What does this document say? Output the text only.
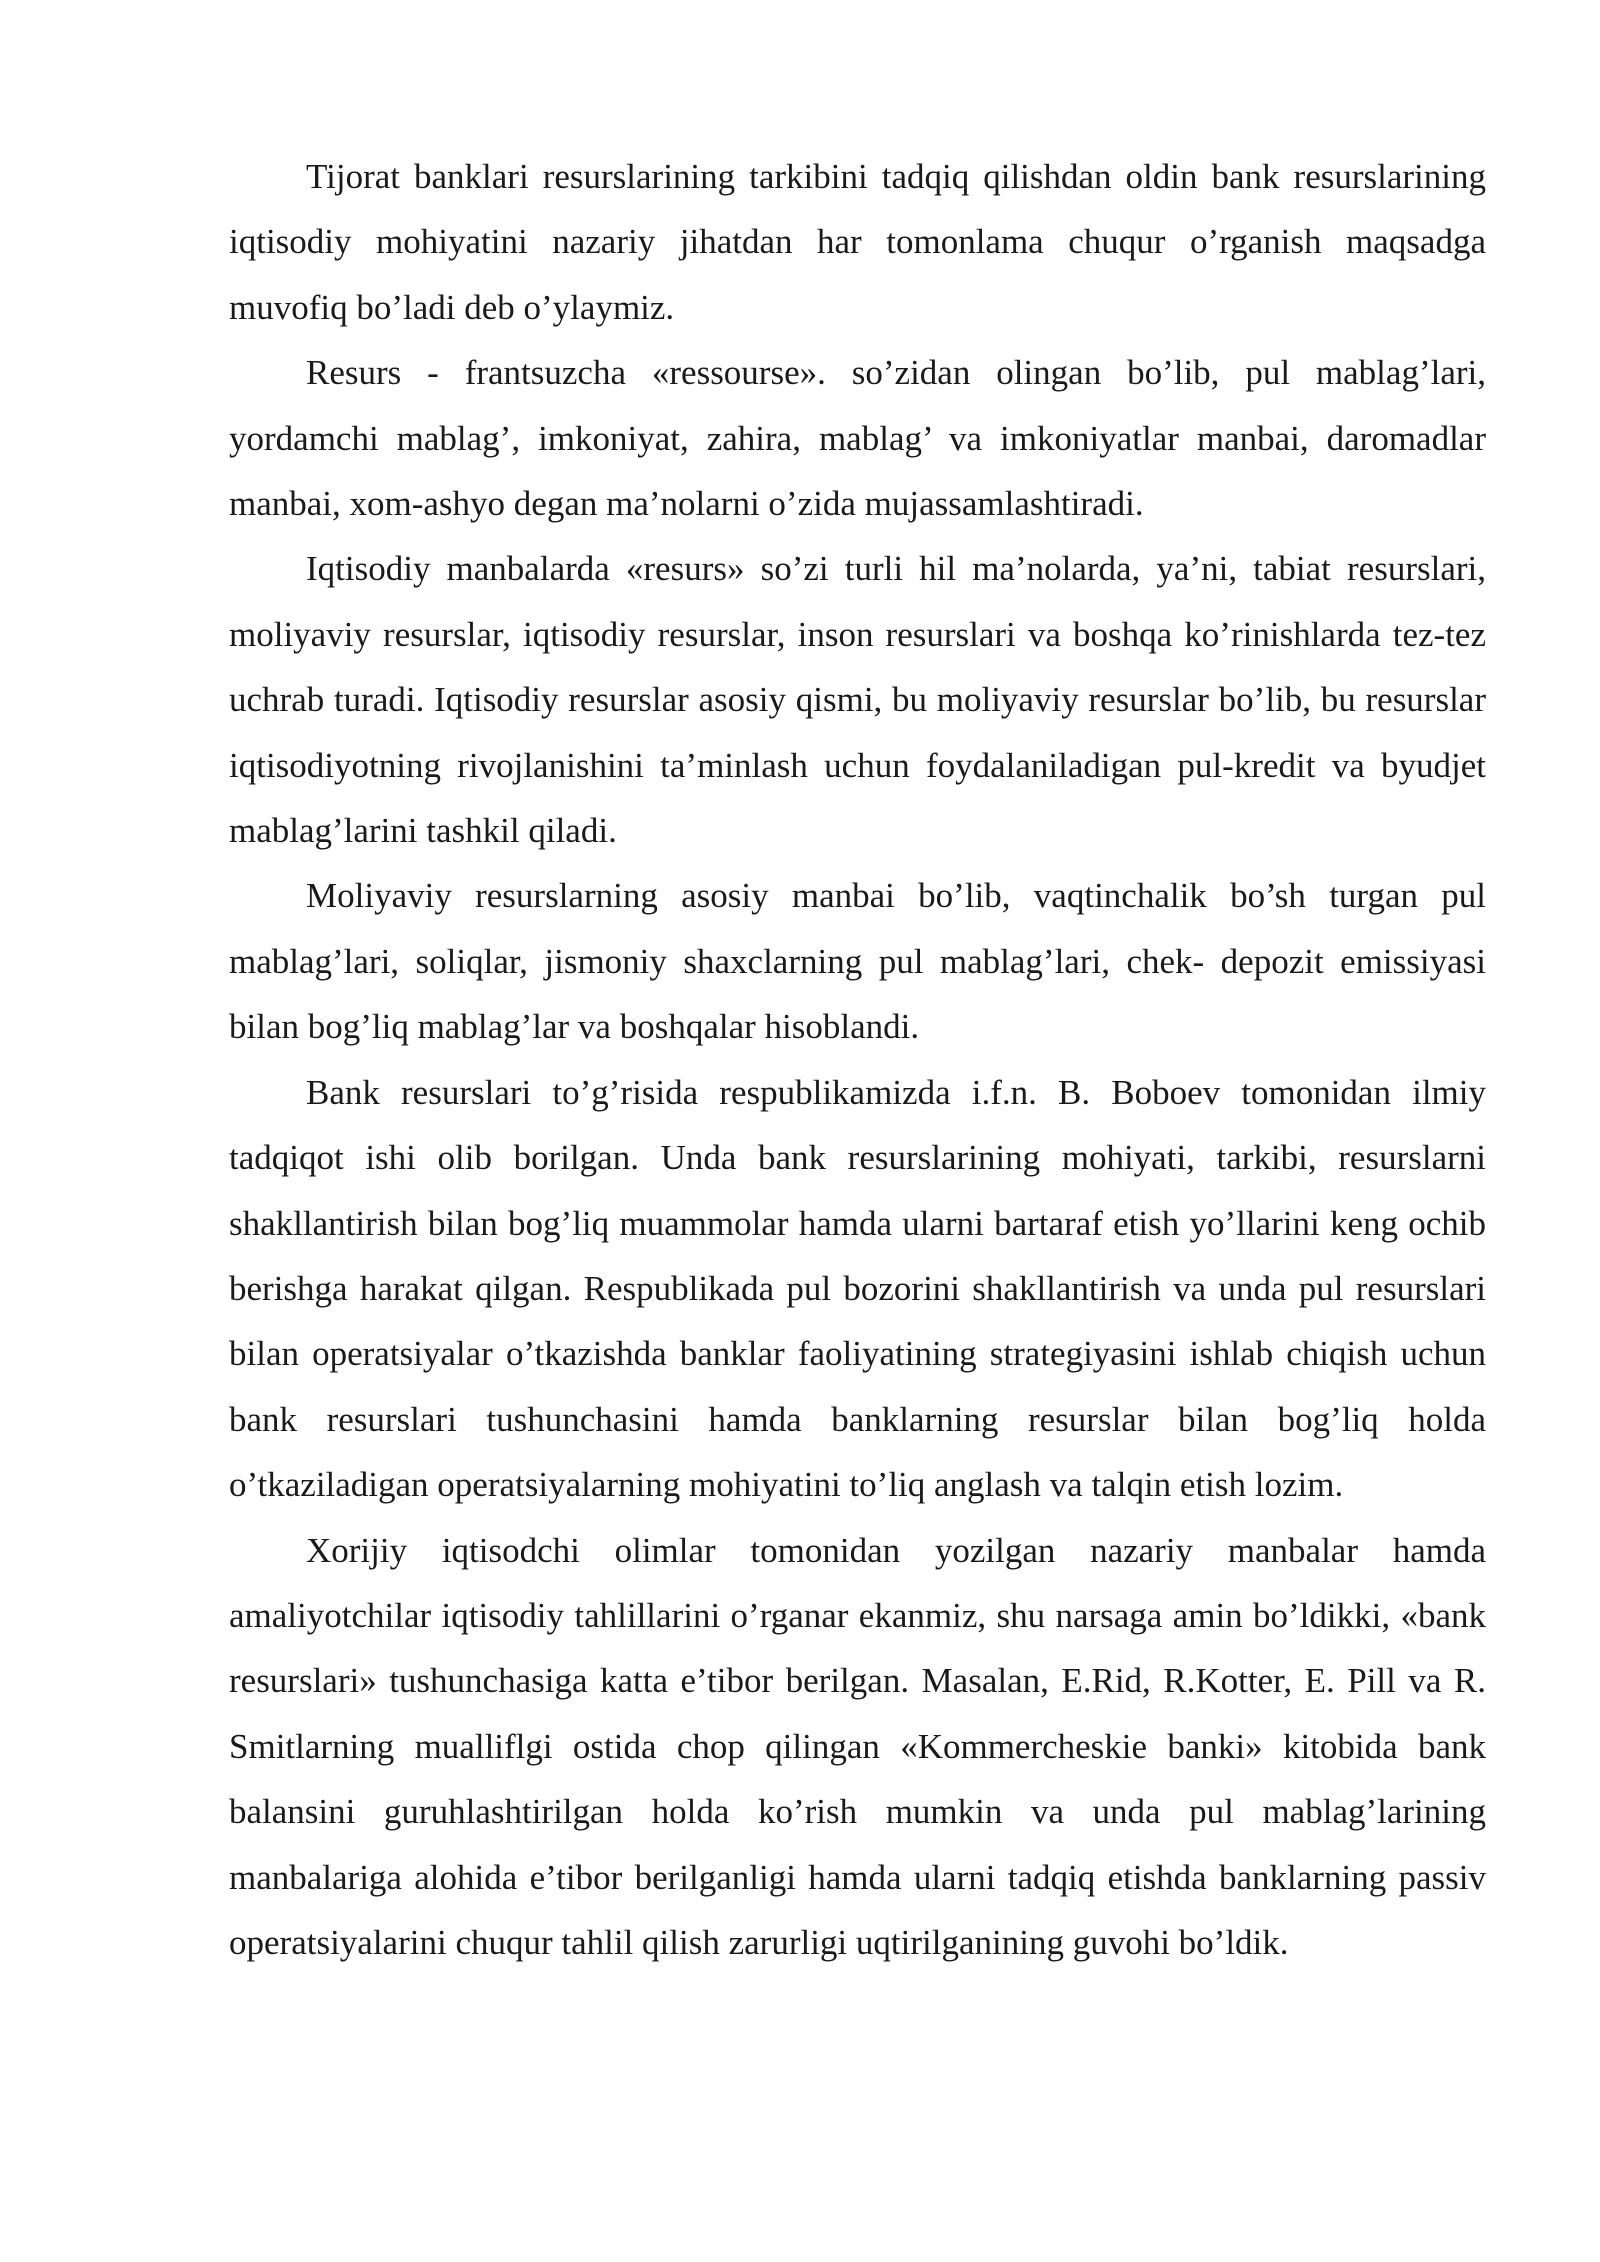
Tijorat banklari resurslarining tarkibini tadqiq qilishdan oldin bank resurslarining iqtisodiy mohiyatini nazariy jihatdan har tomonlama chuqur o’rganish maqsadga muvofiq bo’ladi deb o’ylaymiz.

Resurs - frantsuzcha «ressourse». so’zidan olingan bo’lib, pul mablag’lari, yordamchi mablag’, imkoniyat, zahira, mablag’ va imkoniyatlar manbai, daromadlar manbai, xom-ashyo degan ma’nolarni o’zida mujassamlashtiradi.

Iqtisodiy manbalarda «resurs» so’zi turli hil ma’nolarda, ya’ni, tabiat resurslari, moliyaviy resurslar, iqtisodiy resurslar, inson resurslari va boshqa ko’rinishlarda tez-tez uchrab turadi. Iqtisodiy resurslar asosiy qismi, bu moliyaviy resurslar bo’lib, bu resurslar iqtisodiyotning rivojlanishini ta’minlash uchun foydalaniladigan pul-kredit va byudjet mablag’larini tashkil qiladi.

Moliyaviy resurslarning asosiy manbai bo’lib, vaqtinchalik bo’sh turgan pul mablag’lari, soliqlar, jismoniy shaxclarning pul mablag’lari, chek- depozit emissiyasi bilan bog’liq mablag’lar va boshqalar hisoblandi.

Bank resurslari to’g’risida respublikamizda i.f.n. B. Boboev tomonidan ilmiy tadqiqot ishi olib borilgan. Unda bank resurslarining mohiyati, tarkibi, resurslarni shakllantirish bilan bog’liq muammolar hamda ularni bartaraf etish yo’llarini keng ochib berishga harakat qilgan. Respublikada pul bozorini shakllantirish va unda pul resurslari bilan operatsiyalar o’tkazishda banklar faoliyatining strategiyasini ishlab chiqish uchun bank resurslari tushunchasini hamda banklarning resurslar bilan bog’liq holda o’tkaziladigan operatsiyalarning mohiyatini to’liq anglash va talqin etish lozim.

Xorijiy iqtisodchi olimlar tomonidan yozilgan nazariy manbalar hamda amaliyotchilar iqtisodiy tahlillarini o’rganar ekanmiz, shu narsaga amin bo’ldikki, «bank resurslari» tushunchasiga katta e’tibor berilgan. Masalan, E.Rid, R.Kotter, E. Pill va R. Smitlarning mualliflgi ostida chop qilingan «Kommercheskie banki» kitobida bank balansini guruhlashtirilgan holda ko’rish mumkin va unda pul mablag’larining manbalariga alohida e’tibor berilganligi hamda ularni tadqiq etishda banklarning passiv operatsiyalarini chuqur tahlil qilish zarurligi uqtirilganining guvohi bo’ldik.
